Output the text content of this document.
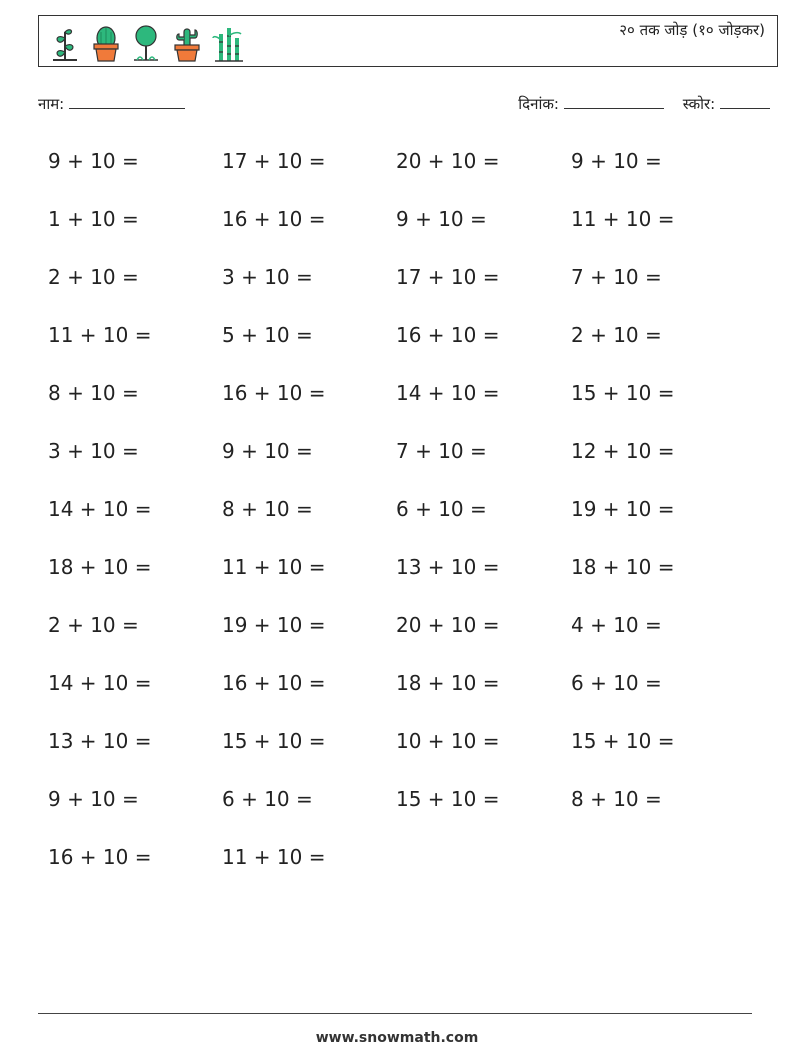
२० तक जोड़ (१० जोड़कर)
नाम:	दिनांक:	स्कोर:
9 + 10 =	17 + 10 =	20 + 10 =	9 + 10 =
1 + 10 =	16 + 10 =	9 + 10 =	11 + 10 =
2 + 10 =	3 + 10 =	17 + 10 =	7 + 10 =
11 + 10 =	5 + 10 =	16 + 10 =	2 + 10 =
8 + 10 =	16 + 10 =	14 + 10 =	15 + 10 =
3 + 10 =	9 + 10 =	7 + 10 =	12 + 10 =
14 + 10 =	8 + 10 =	6 + 10 =	19 + 10 =
18 + 10 =	11 + 10 =	13 + 10 =	18 + 10 =
2 + 10 =	19 + 10 =	20 + 10 =	4 + 10 =
14 + 10 =	16 + 10 =	18 + 10 =	6 + 10 =
13 + 10 =	15 + 10 =	10 + 10 =	15 + 10 =
9 + 10 =	6 + 10 =	15 + 10 =	8 + 10 =
16 + 10 =	11 + 10 =
www.snowmath.com
